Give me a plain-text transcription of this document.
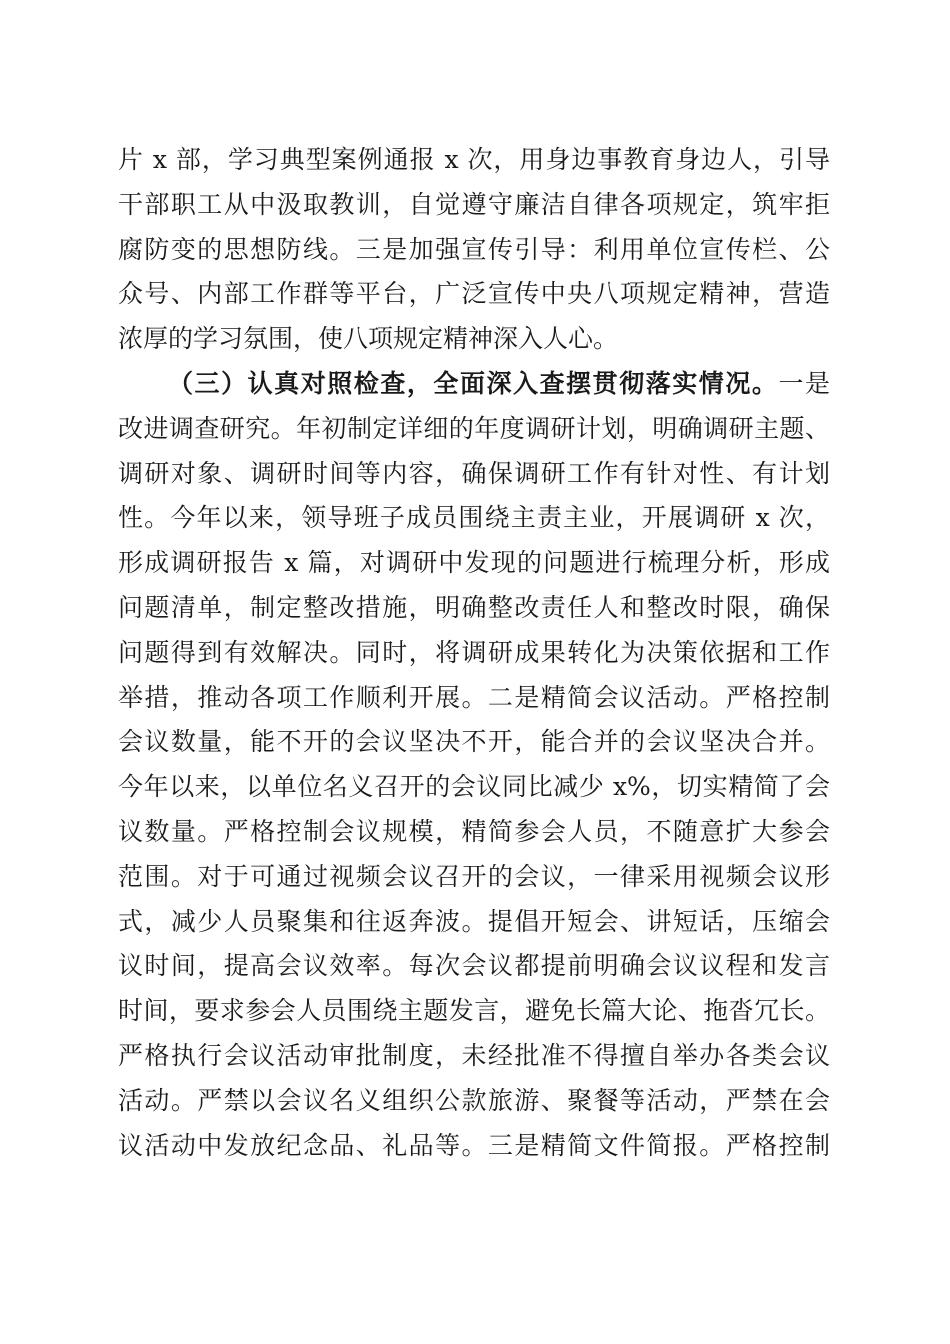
片 x 部，学习典型案例通报 x 次，用身边事教育身边人，引导
干部职工从中汲取教训，自觉遵守廉洁自律各项规定，筑牢拒
腐防变的思想防线。三是加强宣传引导：利用单位宣传栏、公
众号、内部工作群等平台，广泛宣传中央八项规定精神，营造
浓厚的学习氛围，使八项规定精神深入人心。
（三）认真对照检查，全面深入查摆贯彻落实情况。一是
改进调查研究。年初制定详细的年度调研计划，明确调研主题、
调研对象、调研时间等内容，确保调研工作有针对性、有计划
性。今年以来，领导班子成员围绕主责主业，开展调研 x 次，
形成调研报告 x 篇，对调研中发现的问题进行梳理分析，形成
问题清单，制定整改措施，明确整改责任人和整改时限，确保
问题得到有效解决。同时，将调研成果转化为决策依据和工作
举措，推动各项工作顺利开展。二是精简会议活动。严格控制
会议数量，能不开的会议坚决不开，能合并的会议坚决合并。
今年以来，以单位名义召开的会议同比减少 x%，切实精简了会
议数量。严格控制会议规模，精简参会人员，不随意扩大参会
范围。对于可通过视频会议召开的会议，一律采用视频会议形
式，减少人员聚集和往返奔波。提倡开短会、讲短话，压缩会
议时间，提高会议效率。每次会议都提前明确会议议程和发言
时间，要求参会人员围绕主题发言，避免长篇大论、拖沓冗长。
严格执行会议活动审批制度，未经批准不得擅自举办各类会议
活动。严禁以会议名义组织公款旅游、聚餐等活动，严禁在会
议活动中发放纪念品、礼品等。三是精简文件简报。严格控制
